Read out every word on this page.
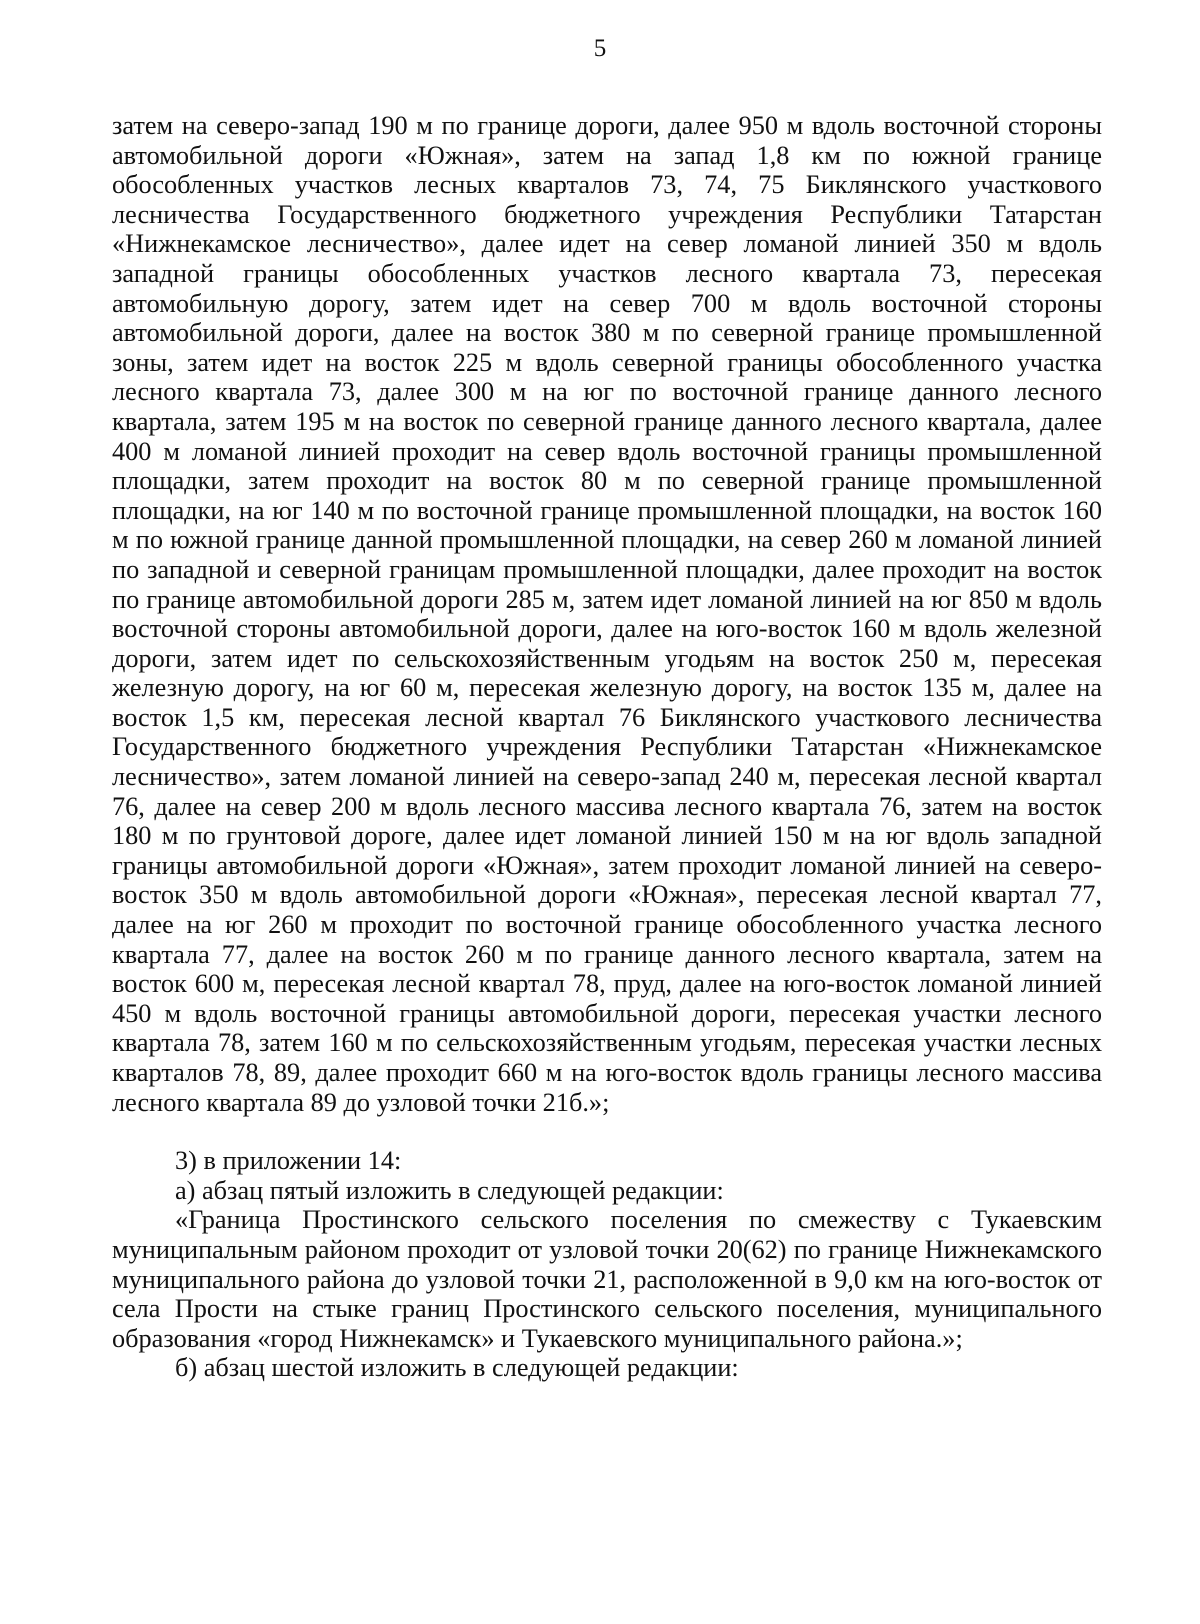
5

затем на северо-запад 190 м по границе дороги, далее 950 м вдоль восточной стороны автомобильной дороги «Южная», затем на запад 1,8 км по южной границе обособленных участков лесных кварталов 73, 74, 75 Биклянского участкового лесничества Государственного бюджетного учреждения Республики Татарстан «Нижнекамское лесничество», далее идет на север ломаной линией 350 м вдоль западной границы обособленных участков лесного квартала 73, пересекая автомобильную дорогу, затем идет на север 700 м вдоль восточной стороны автомобильной дороги, далее на восток 380 м по северной границе промышленной зоны, затем идет на восток 225 м вдоль северной границы обособленного участка лесного квартала 73, далее 300 м на юг по восточной границе данного лесного квартала, затем 195 м на восток по северной границе данного лесного квартала, далее 400 м ломаной линией проходит на север вдоль восточной границы промышленной площадки, затем проходит на восток 80 м по северной границе промышленной площадки, на юг 140 м по восточной границе промышленной площадки, на восток 160 м по южной границе данной промышленной площадки, на север 260 м ломаной линией по западной и северной границам промышленной площадки, далее проходит на восток по границе автомобильной дороги 285 м, затем идет ломаной линией на юг 850 м вдоль восточной стороны автомобильной дороги, далее на юго-восток 160 м вдоль железной дороги, затем идет по сельскохозяйственным угодьям на восток 250 м, пересекая железную дорогу, на юг 60 м, пересекая железную дорогу, на восток 135 м, далее на восток 1,5 км, пересекая лесной квартал 76 Биклянского участкового лесничества Государственного бюджетного учреждения Республики Татарстан «Нижнекамское лесничество», затем ломаной линией на северо-запад 240 м, пересекая лесной квартал 76, далее на север 200 м вдоль лесного массива лесного квартала 76, затем на восток 180 м по грунтовой дороге, далее идет ломаной линией 150 м на юг вдоль западной границы автомобильной дороги «Южная», затем проходит ломаной линией на северо-восток 350 м вдоль автомобильной дороги «Южная», пересекая лесной квартал 77, далее на юг 260 м проходит по восточной границе обособленного участка лесного квартала 77, далее на восток 260 м по границе данного лесного квартала, затем на восток 600 м, пересекая лесной квартал 78, пруд, далее на юго-восток ломаной линией 450 м вдоль восточной границы автомобильной дороги, пересекая участки лесного квартала 78, затем 160 м по сельскохозяйственным угодьям, пересекая участки лесных кварталов 78, 89, далее проходит 660 м на юго-восток вдоль границы лесного массива лесного квартала 89 до узловой точки 21б.»;

3) в приложении 14:

а) абзац пятый изложить в следующей редакции:

«Граница Простинского сельского поселения по смежеству с Тукаевским муниципальным районом проходит от узловой точки 20(62) по границе Нижнекамского муниципального района до узловой точки 21, расположенной в 9,0 км на юго-восток от села Прости на стыке границ Простинского сельского поселения, муниципального образования «город Нижнекамск» и Тукаевского муниципального района.»;

б) абзац шестой изложить в следующей редакции:
